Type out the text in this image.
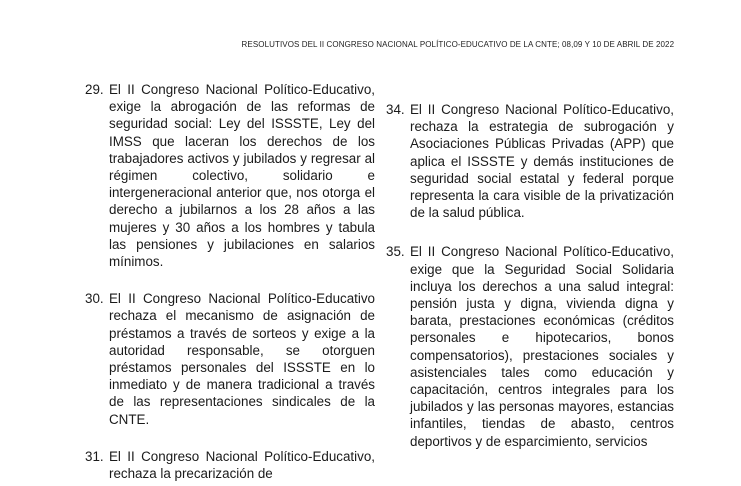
RESOLUTIVOS DEL II CONGRESO NACIONAL POLÍTICO-EDUCATIVO DE LA CNTE; 08,09 Y 10 DE ABRIL DE 2022
29. El II Congreso Nacional Político-Educativo, exige la abrogación de las reformas de seguridad social: Ley del ISSSTE, Ley del IMSS que laceran los derechos de los trabajadores activos y jubilados y regresar al régimen colectivo, solidario e intergeneracional anterior que, nos otorga el derecho a jubilarnos a los 28 años a las mujeres y 30 años a los hombres y tabula las pensiones y jubilaciones en salarios mínimos.
30. El II Congreso Nacional Político-Educativo rechaza el mecanismo de asignación de préstamos a través de sorteos y exige a la autoridad responsable, se otorguen préstamos personales del ISSSTE en lo inmediato y de manera tradicional a través de las representaciones sindicales de la CNTE.
31. El II Congreso Nacional Político-Educativo, rechaza la precarización de
34. El II Congreso Nacional Político-Educativo, rechaza la estrategia de subrogación y Asociaciones Públicas Privadas (APP) que aplica el ISSSTE y demás instituciones de seguridad social estatal y federal porque representa la cara visible de la privatización de la salud pública.
35. El II Congreso Nacional Político-Educativo, exige que la Seguridad Social Solidaria incluya los derechos a una salud integral: pensión justa y digna, vivienda digna y barata, prestaciones económicas (créditos personales e hipotecarios, bonos compensatorios), prestaciones sociales y asistenciales tales como educación y capacitación, centros integrales para los jubilados y las personas mayores, estancias infantiles, tiendas de abasto, centros deportivos y de esparcimiento, servicios
